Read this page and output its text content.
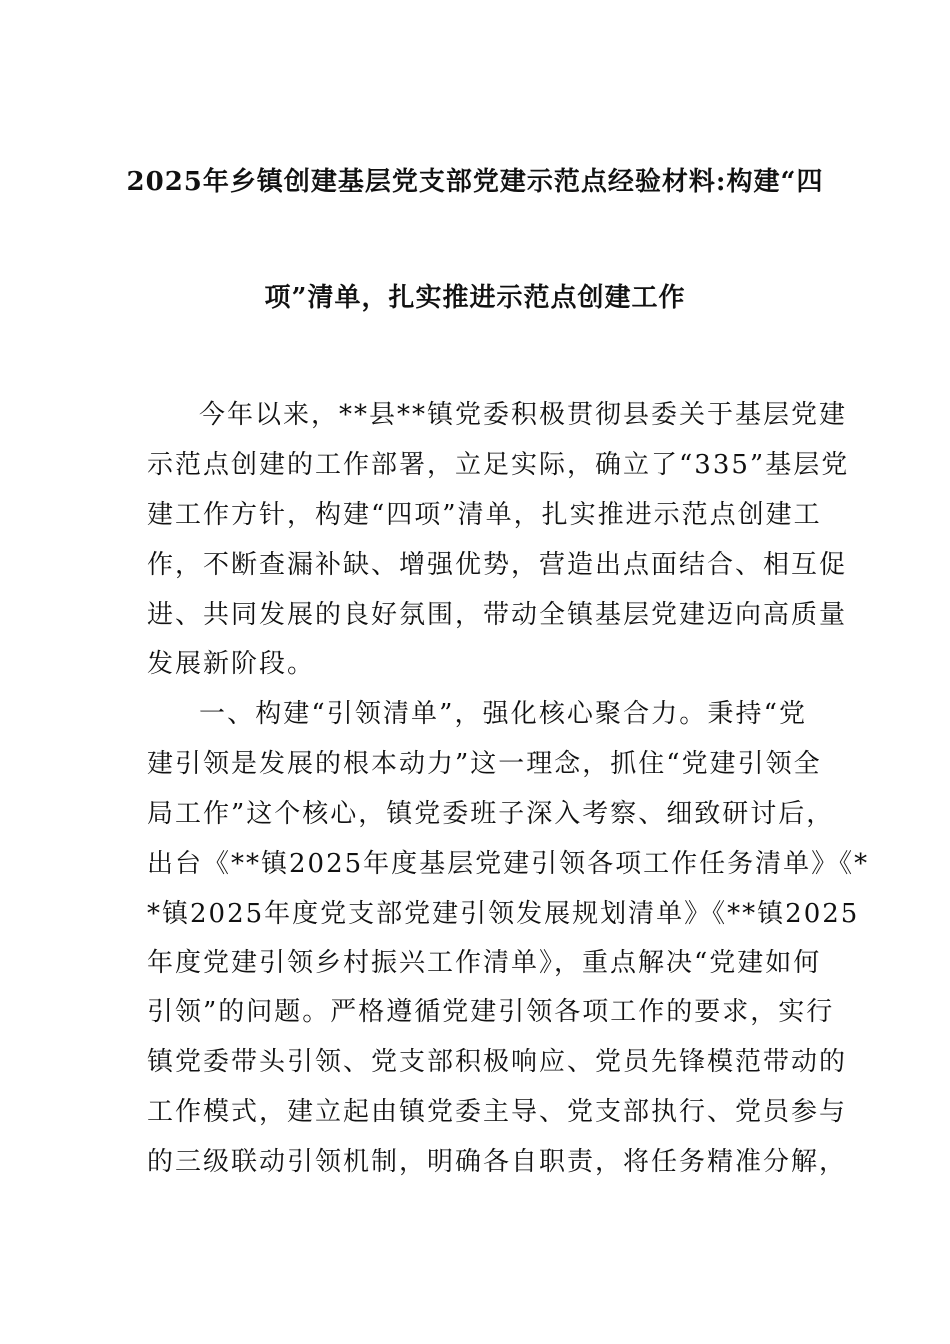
2025年乡镇创建基层党支部党建示范点经验材料:构建“四
项”清单，扎实推进示范点创建工作
今年以来，**县**镇党委积极贯彻县委关于基层党建
示范点创建的工作部署，立足实际，确立了“335”基层党
建工作方针，构建“四项”清单，扎实推进示范点创建工
作，不断查漏补缺、增强优势，营造出点面结合、相互促
进、共同发展的良好氛围，带动全镇基层党建迈向高质量
发展新阶段。
一、构建“引领清单”，强化核心聚合力。秉持“党
建引领是发展的根本动力”这一理念，抓住“党建引领全
局工作”这个核心，镇党委班子深入考察、细致研讨后，
出台《**镇2025年度基层党建引领各项工作任务清单》《*
*镇2025年度党支部党建引领发展规划清单》《**镇2025
年度党建引领乡村振兴工作清单》，重点解决“党建如何
引领”的问题。严格遵循党建引领各项工作的要求，实行
镇党委带头引领、党支部积极响应、党员先锋模范带动的
工作模式，建立起由镇党委主导、党支部执行、党员参与
的三级联动引领机制，明确各自职责，将任务精准分解，
